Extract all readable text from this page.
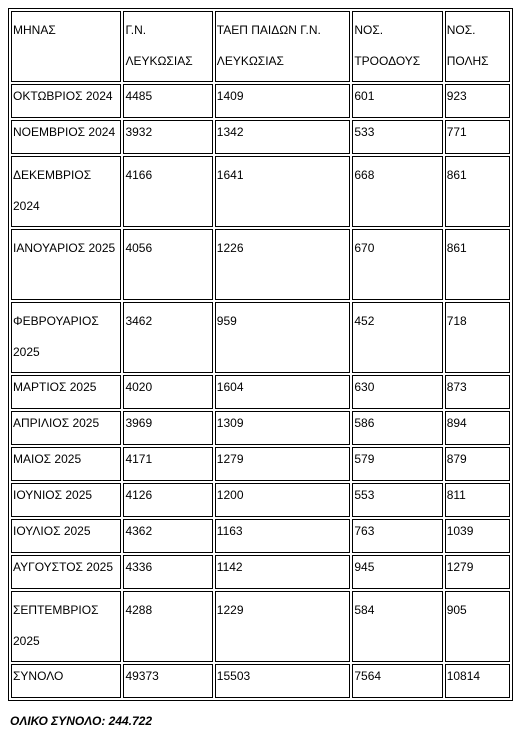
ΜΗΝΑΣ	Γ.Ν. ΛΕΥΚΩΣΙΑΣ	ΤΑΕΠ ΠΑΙΔΩΝ Γ.Ν. ΛΕΥΚΩΣΙΑΣ	ΝΟΣ. ΤΡΟΟΔΟΥΣ	ΝΟΣ. ΠΟΛΗΣ
ΟΚΤΩΒΡΙΟΣ 2024	4485	1409	601	923
ΝΟΕΜΒΡΙΟΣ 2024	3932	1342	533	771
ΔΕΚΕΜΒΡΙΟΣ 2024	4166	1641	668	861
ΙΑΝΟΥΑΡΙΟΣ 2025	4056	1226	670	861
ΦΕΒΡΟΥΑΡΙΟΣ 2025	3462	959	452	718
ΜΑΡΤΙΟΣ 2025	4020	1604	630	873
ΑΠΡΙΛΙΟΣ 2025	3969	1309	586	894
ΜΑΙΟΣ 2025	4171	1279	579	879
ΙΟΥΝΙΟΣ 2025	4126	1200	553	811
ΙΟΥΛΙΟΣ 2025	4362	1163	763	1039
ΑΥΓΟΥΣΤΟΣ 2025	4336	1142	945	1279
ΣΕΠΤΕΜΒΡΙΟΣ 2025	4288	1229	584	905
ΣΥΝΟΛΟ	49373	15503	7564	10814
ΟΛΙΚΟ ΣΥΝΟΛΟ: 244.722
